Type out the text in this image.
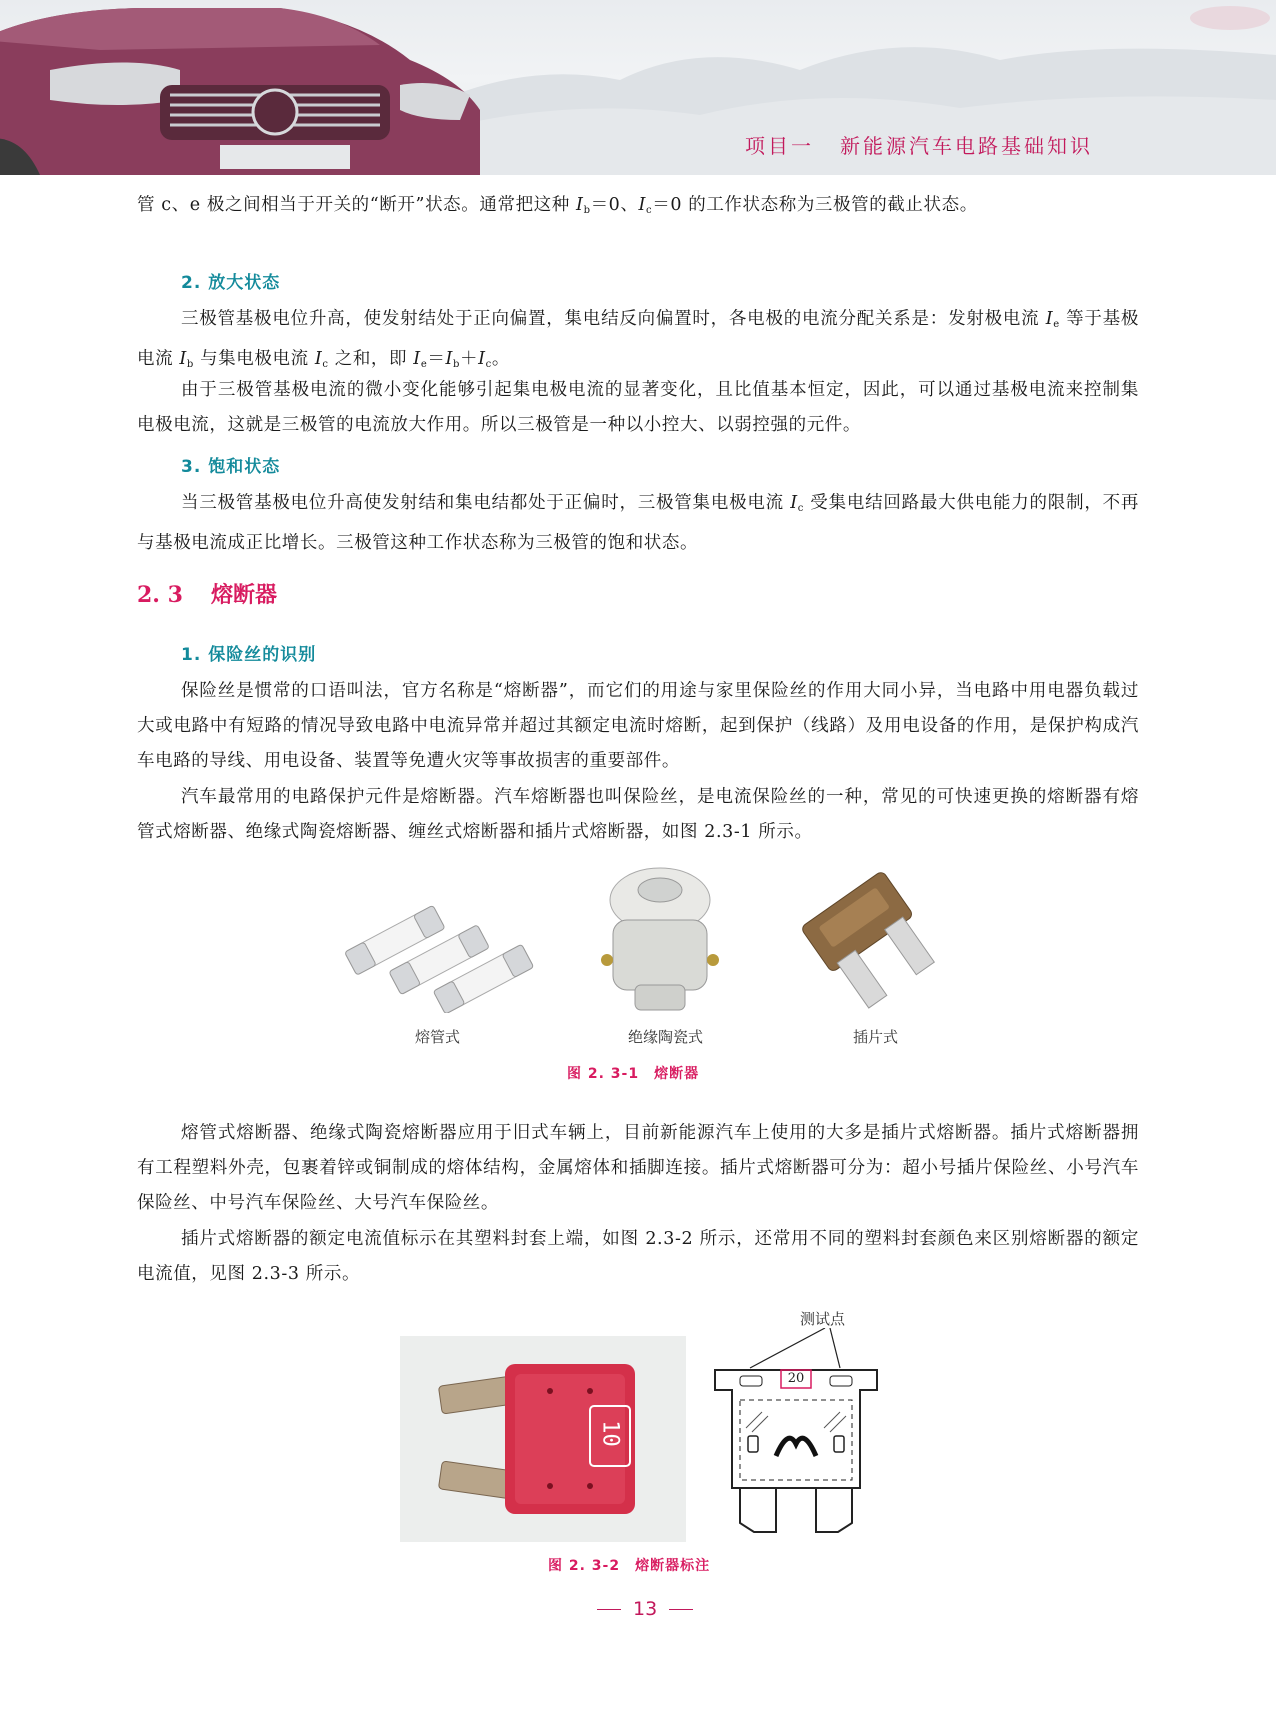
项目一 新能源汽车电路基础知识
管 c、e 极之间相当于开关的“断开”状态。通常把这种 $I_b=0$、$I_c=0$ 的工作状态称为三极管的截止状态。
2. 放大状态
三极管基极电位升高，使发射结处于正向偏置，集电结反向偏置时，各电极的电流分配关系是：发射极电流 $I_e$ 等于基极电流 $I_b$ 与集电极电流 $I_c$ 之和，即 $I_e=I_b+I_c$。
由于三极管基极电流的微小变化能够引起集电极电流的显著变化，且比值基本恒定，因此，可以通过基极电流来控制集电极电流，这就是三极管的电流放大作用。所以三极管是一种以小控大、以弱控强的元件。
3. 饱和状态
当三极管基极电位升高使发射结和集电结都处于正偏时，三极管集电极电流 $I_c$ 受集电结回路最大供电能力的限制，不再与基极电流成正比增长。三极管这种工作状态称为三极管的饱和状态。
2. 3 熔断器
1. 保险丝的识别
保险丝是惯常的口语叫法，官方名称是“熔断器”，而它们的用途与家里保险丝的作用大同小异，当电路中用电器负载过大或电路中有短路的情况导致电路中电流异常并超过其额定电流时熔断，起到保护（线路）及用电设备的作用，是保护构成汽车电路的导线、用电设备、装置等免遭火灾等事故损害的重要部件。
汽车最常用的电路保护元件是熔断器。汽车熔断器也叫保险丝，是电流保险丝的一种，常见的可快速更换的熔断器有熔管式熔断器、绝缘式陶瓷熔断器、缠丝式熔断器和插片式熔断器，如图 2.3-1 所示。
熔管式	绝缘陶瓷式	插片式
图 2. 3-1　熔断器
熔管式熔断器、绝缘式陶瓷熔断器应用于旧式车辆上，目前新能源汽车上使用的大多是插片式熔断器。插片式熔断器拥有工程塑料外壳，包裹着锌或铜制成的熔体结构，金属熔体和插脚连接。插片式熔断器可分为：超小号插片保险丝、小号汽车保险丝、中号汽车保险丝、大号汽车保险丝。
插片式熔断器的额定电流值标示在其塑料封套上端，如图 2.3-2 所示，还常用不同的塑料封套颜色来区别熔断器的额定电流值，见图 2.3-3 所示。
10
测试点
20
图 2. 3-2　熔断器标注
13
